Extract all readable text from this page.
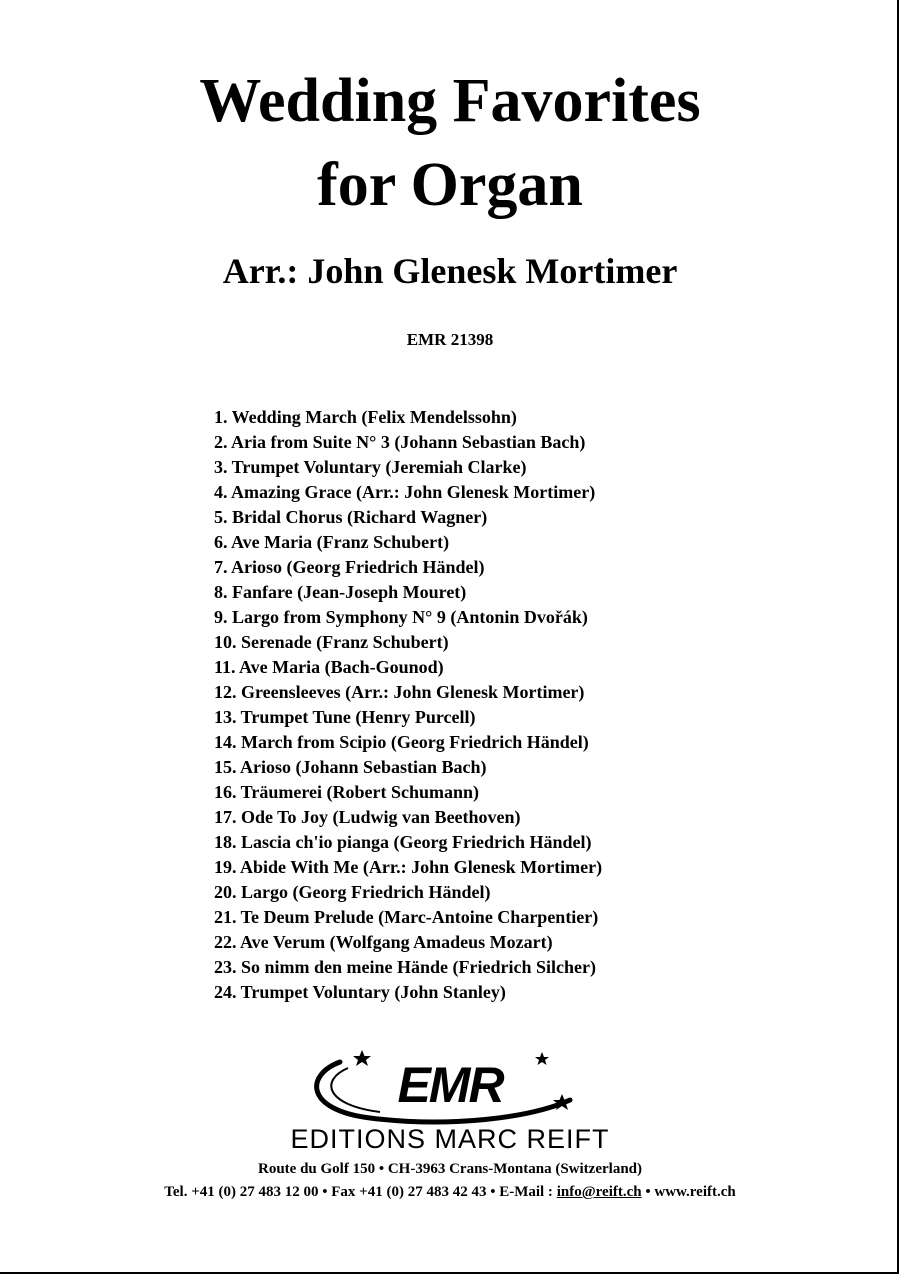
Wedding Favorites
for Organ
Arr.: John Glenesk Mortimer
EMR 21398
1. Wedding March (Felix Mendelssohn)
2. Aria from Suite N° 3 (Johann Sebastian Bach)
3. Trumpet Voluntary (Jeremiah Clarke)
4. Amazing Grace (Arr.: John Glenesk Mortimer)
5. Bridal Chorus (Richard Wagner)
6. Ave Maria (Franz Schubert)
7. Arioso (Georg Friedrich Händel)
8. Fanfare (Jean-Joseph Mouret)
9. Largo from Symphony N° 9 (Antonin Dvořák)
10. Serenade (Franz Schubert)
11. Ave Maria (Bach-Gounod)
12. Greensleeves (Arr.: John Glenesk Mortimer)
13. Trumpet Tune (Henry Purcell)
14. March from Scipio (Georg Friedrich Händel)
15. Arioso (Johann Sebastian Bach)
16. Träumerei (Robert Schumann)
17. Ode To Joy (Ludwig van Beethoven)
18. Lascia ch'io pianga (Georg Friedrich Händel)
19. Abide With Me (Arr.: John Glenesk Mortimer)
20. Largo (Georg Friedrich Händel)
21. Te Deum Prelude (Marc-Antoine Charpentier)
22. Ave Verum (Wolfgang Amadeus Mozart)
23. So nimm den meine Hände (Friedrich Silcher)
24. Trumpet Voluntary (John Stanley)
EMR
EDITIONS MARC REIFT
Route du Golf 150 • CH-3963 Crans-Montana (Switzerland)
Tel. +41 (0) 27 483 12 00 • Fax +41 (0) 27 483 42 43 • E-Mail : info@reift.ch • www.reift.ch
